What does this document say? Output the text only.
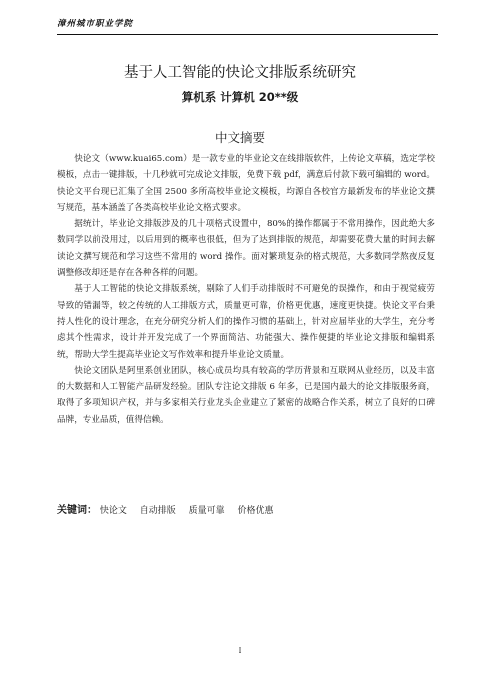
漳州城市职业学院
基于人工智能的快论文排版系统研究
算机系 计算机 20**级
中文摘要

快论文（www.kuai65.com）是一款专业的毕业论文在线排版软件，上传论文草稿，选定学校模板，点击一键排版，十几秒就可完成论文排版，免费下载 pdf，满意后付款下载可编辑的 word。快论文平台现已汇集了全国 2500 多所高校毕业论文模板，均源自各校官方最新发布的毕业论文撰写规范，基本涵盖了各类高校毕业论文格式要求。

据统计，毕业论文排版涉及的几十项格式设置中，80%的操作都属于不常用操作，因此绝大多数同学以前没用过，以后用到的概率也很低，但为了达到排版的规范，却需要花费大量的时间去解读论文撰写规范和学习这些不常用的 word 操作。面对繁琐复杂的格式规范，大多数同学熬夜反复调整修改却还是存在各种各样的问题。

基于人工智能的快论文排版系统，剔除了人们手动排版时不可避免的误操作，和由于视觉疲劳导致的错漏等，较之传统的人工排版方式，质量更可靠，价格更优惠，速度更快捷。快论文平台秉持人性化的设计理念，在充分研究分析人们的操作习惯的基础上，针对应届毕业的大学生，充分考虑其个性需求，设计并开发完成了一个界面简洁、功能强大、操作便捷的毕业论文排版和编辑系统，帮助大学生提高毕业论文写作效率和提升毕业论文质量。

快论文团队是阿里系创业团队，核心成员均具有较高的学历背景和互联网从业经历，以及丰富的大数据和人工智能产品研发经验。团队专注论文排版 6 年多，已是国内最大的论文排版服务商，取得了多项知识产权，并与多家相关行业龙头企业建立了紧密的战略合作关系，树立了良好的口碑品牌，专业品质，值得信赖。

关键词： 快论文 自动排版 质量可靠 价格优惠
I
